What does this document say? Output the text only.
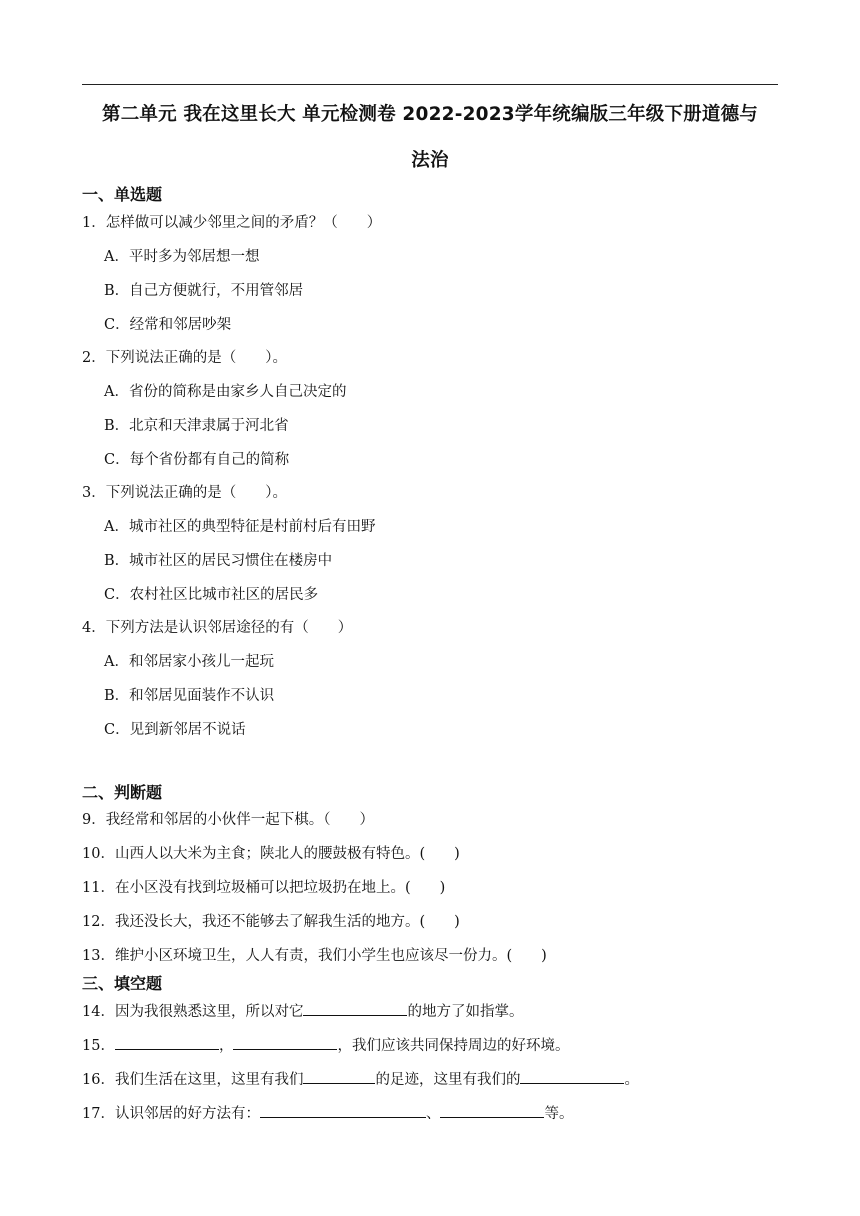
第二单元 我在这里长大 单元检测卷 2022-2023学年统编版三年级下册道德与
法治
一、单选题
1．怎样做可以减少邻里之间的矛盾？（　　）
A．平时多为邻居想一想
B．自己方便就行，不用管邻居
C．经常和邻居吵架
2．下列说法正确的是（　　）。
A．省份的简称是由家乡人自己决定的
B．北京和天津隶属于河北省
C．每个省份都有自己的简称
3．下列说法正确的是（　　）。
A．城市社区的典型特征是村前村后有田野
B．城市社区的居民习惯住在楼房中
C．农村社区比城市社区的居民多
4．下列方法是认识邻居途径的有（　　）
A．和邻居家小孩儿一起玩
B．和邻居见面装作不认识
C．见到新邻居不说话
二、判断题
9．我经常和邻居的小伙伴一起下棋。（　　）
10．山西人以大米为主食；陕北人的腰鼓极有特色。(　　)
11．在小区没有找到垃圾桶可以把垃圾扔在地上。(　　)
12．我还没长大，我还不能够去了解我生活的地方。(　　)
13．维护小区环境卫生，人人有责，我们小学生也应该尽一份力。(　　)
三、填空题
14．因为我很熟悉这里，所以对它	的地方了如指掌。
15．	，	，我们应该共同保持周边的好环境。
16．我们生活在这里，这里有我们	的足迹，这里有我们的	。
17．认识邻居的好方法有：	、	等。
